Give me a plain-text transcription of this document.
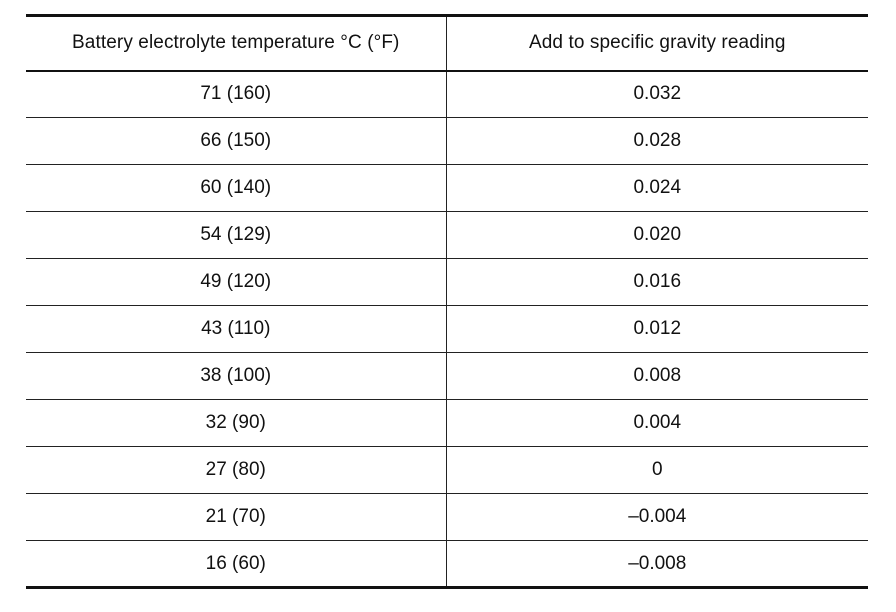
Battery electrolyte temperature °C (°F)	Add to specific gravity reading
71 (160)	0.032
66 (150)	0.028
60 (140)	0.024
54 (129)	0.020
49 (120)	0.016
43 (110)	0.012
38 (100)	0.008
32 (90)	0.004
27 (80)	0
21 (70)	–0.004
16 (60)	–0.008
